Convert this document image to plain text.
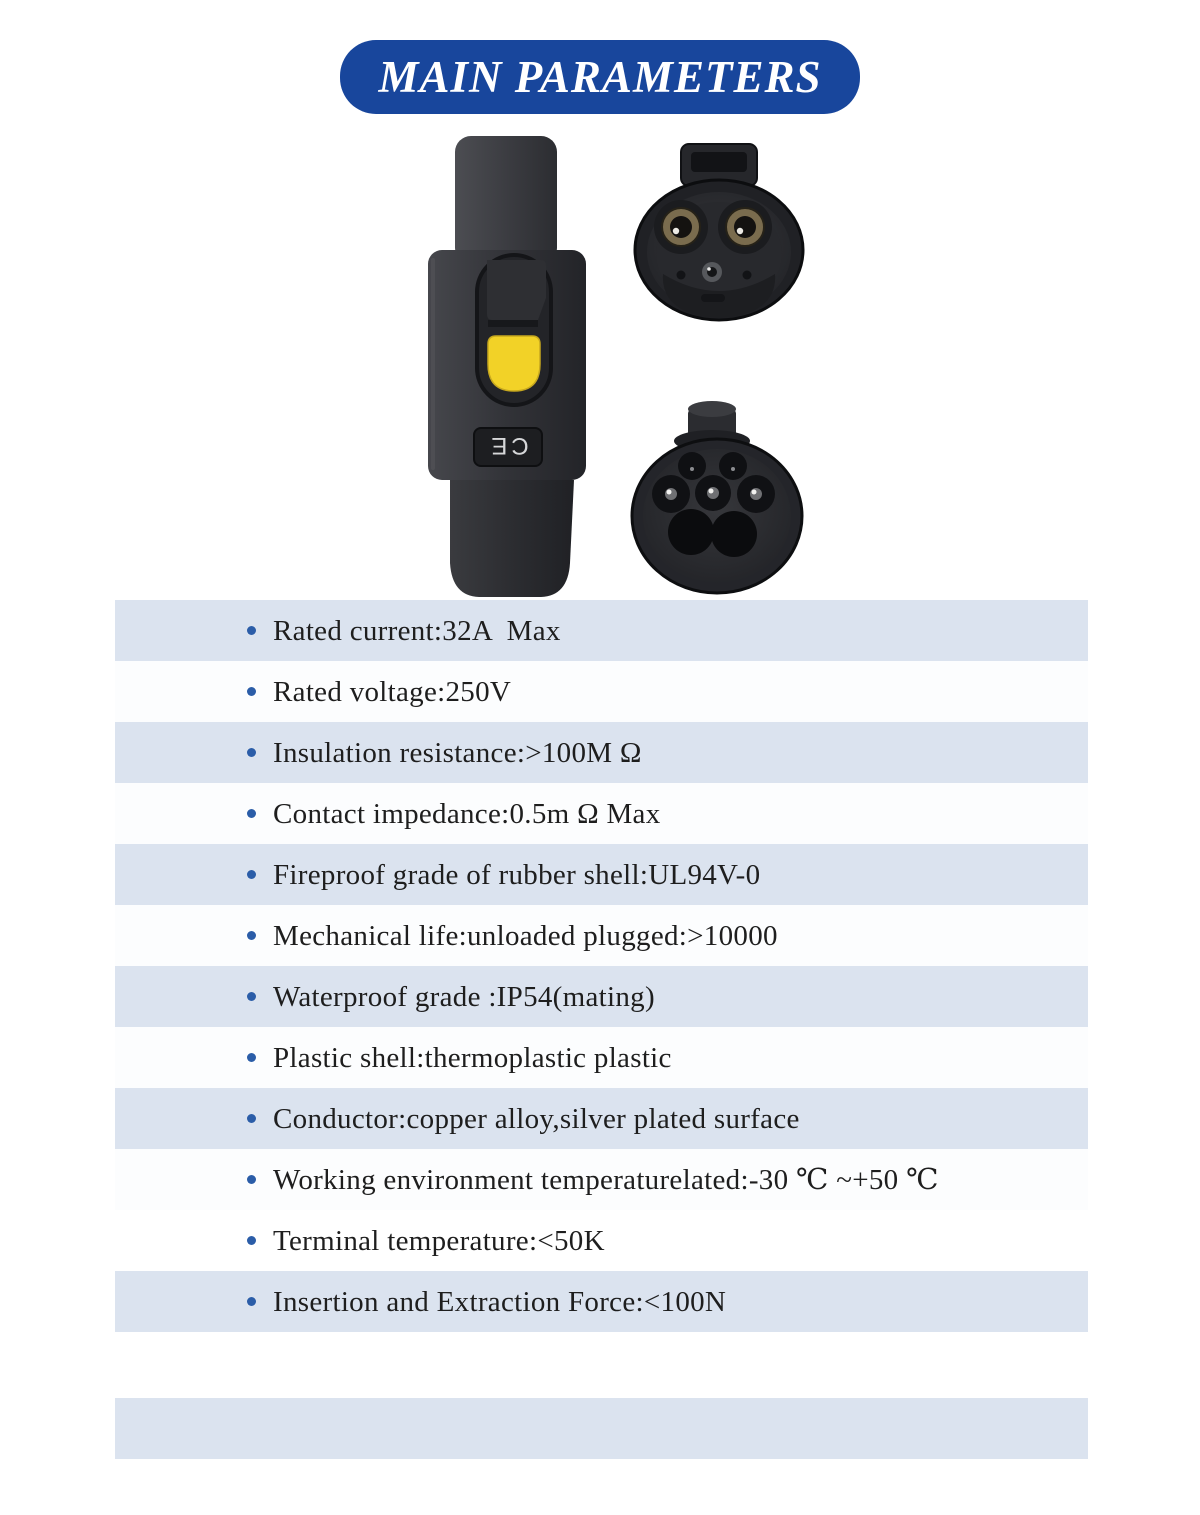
MAIN PARAMETERS
CE
Rated current:32A  Max
Rated voltage:250V
Insulation resistance:>100M Ω
Contact impedance:0.5m Ω Max
Fireproof grade of rubber shell:UL94V-0
Mechanical life:unloaded plugged:>10000
Waterproof grade :IP54(mating)
Plastic shell:thermoplastic plastic
Conductor:copper alloy,silver plated surface
Working environment temperaturelated:-30 ℃ ~+50 ℃
Terminal temperature:<50K
Insertion and Extraction Force:<100N
